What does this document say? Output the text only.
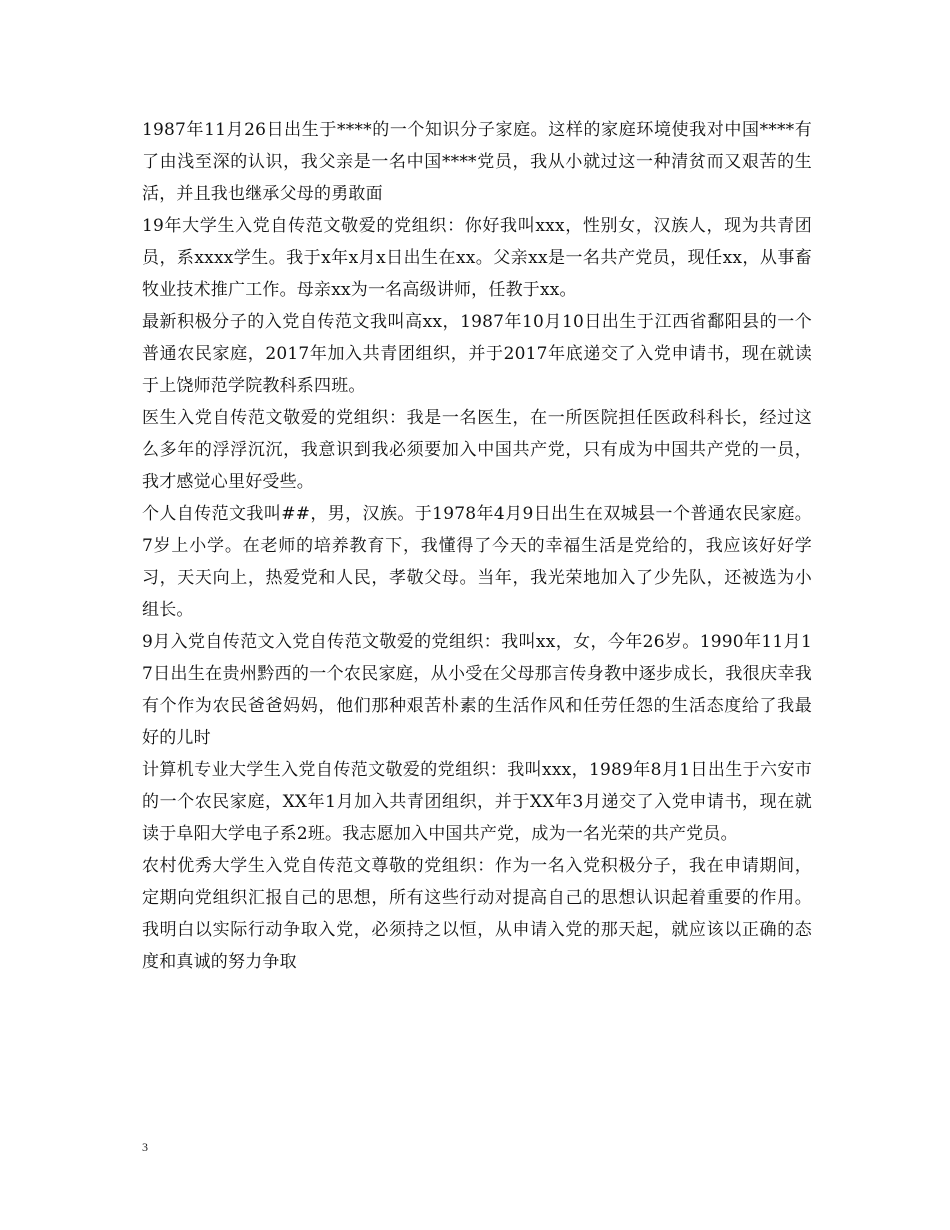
1987年11月26日出生于****的一个知识分子家庭。这样的家庭环境使我对中国****有了由浅至深的认识，我父亲是一名中国****党员，我从小就过这一种清贫而又艰苦的生活，并且我也继承父母的勇敢面

19年大学生入党自传范文敬爱的党组织：你好我叫xxx，性别女，汉族人，现为共青团员，系xxxx学生。我于x年x月x日出生在xx。父亲xx是一名共产党员，现任xx，从事畜牧业技术推广工作。母亲xx为一名高级讲师，任教于xx。

最新积极分子的入党自传范文我叫高xx，1987年10月10日出生于江西省鄱阳县的一个普通农民家庭，2017年加入共青团组织，并于2017年底递交了入党申请书，现在就读于上饶师范学院教科系四班。

医生入党自传范文敬爱的党组织：我是一名医生，在一所医院担任医政科科长，经过这么多年的浮浮沉沉，我意识到我必须要加入中国共产党，只有成为中国共产党的一员，我才感觉心里好受些。

个人自传范文我叫##，男，汉族。于1978年4月9日出生在双城县一个普通农民家庭。7岁上小学。在老师的培养教育下，我懂得了今天的幸福生活是党给的，我应该好好学习，天天向上，热爱党和人民，孝敬父母。当年，我光荣地加入了少先队，还被选为小组长。

9月入党自传范文入党自传范文敬爱的党组织：我叫xx，女，今年26岁。1990年11月17日出生在贵州黔西的一个农民家庭，从小受在父母那言传身教中逐步成长，我很庆幸我有个作为农民爸爸妈妈，他们那种艰苦朴素的生活作风和任劳任怨的生活态度给了我最好的儿时

计算机专业大学生入党自传范文敬爱的党组织：我叫xxx，1989年8月1日出生于六安市的一个农民家庭，XX年1月加入共青团组织，并于XX年3月递交了入党申请书，现在就读于阜阳大学电子系2班。我志愿加入中国共产党，成为一名光荣的共产党员。

农村优秀大学生入党自传范文尊敬的党组织：作为一名入党积极分子，我在申请期间，定期向党组织汇报自己的思想，所有这些行动对提高自己的思想认识起着重要的作用。我明白以实际行动争取入党，必须持之以恒，从申请入党的那天起，就应该以正确的态度和真诚的努力争取

3
